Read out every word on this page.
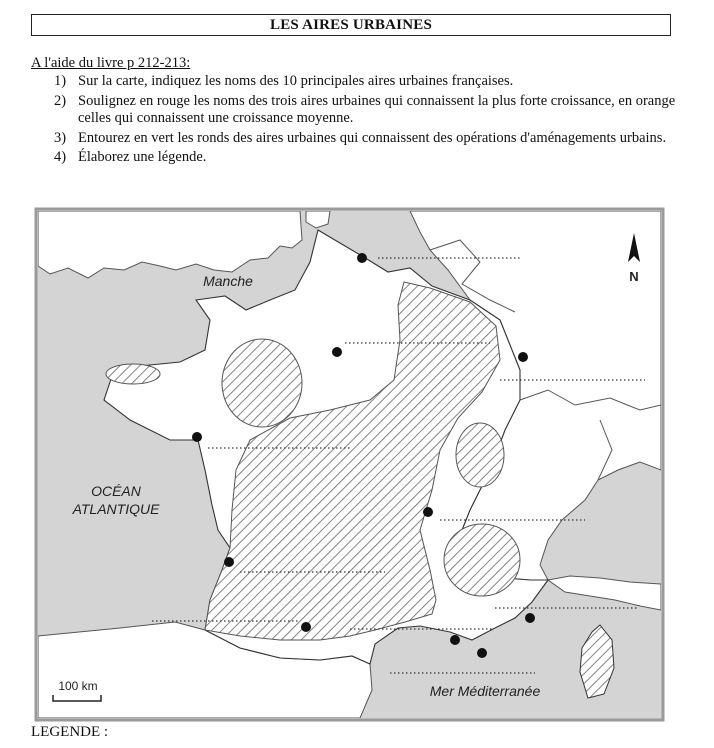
LES AIRES URBAINES
A l'aide du livre p 212-213:
1) Sur la carte, indiquez les noms des 10 principales aires urbaines françaises.
2) Soulignez en rouge les noms des trois aires urbaines qui connaissent la plus forte croissance, en orange celles qui connaissent une croissance moyenne.
3) Entourez en vert les ronds des aires urbaines qui connaissent des opérations d'aménagements urbains.
4) Élaborez une légende.
Manche
OCÉAN
ATLANTIQUE
Mer Méditerranée
N
100 km
LEGENDE :
